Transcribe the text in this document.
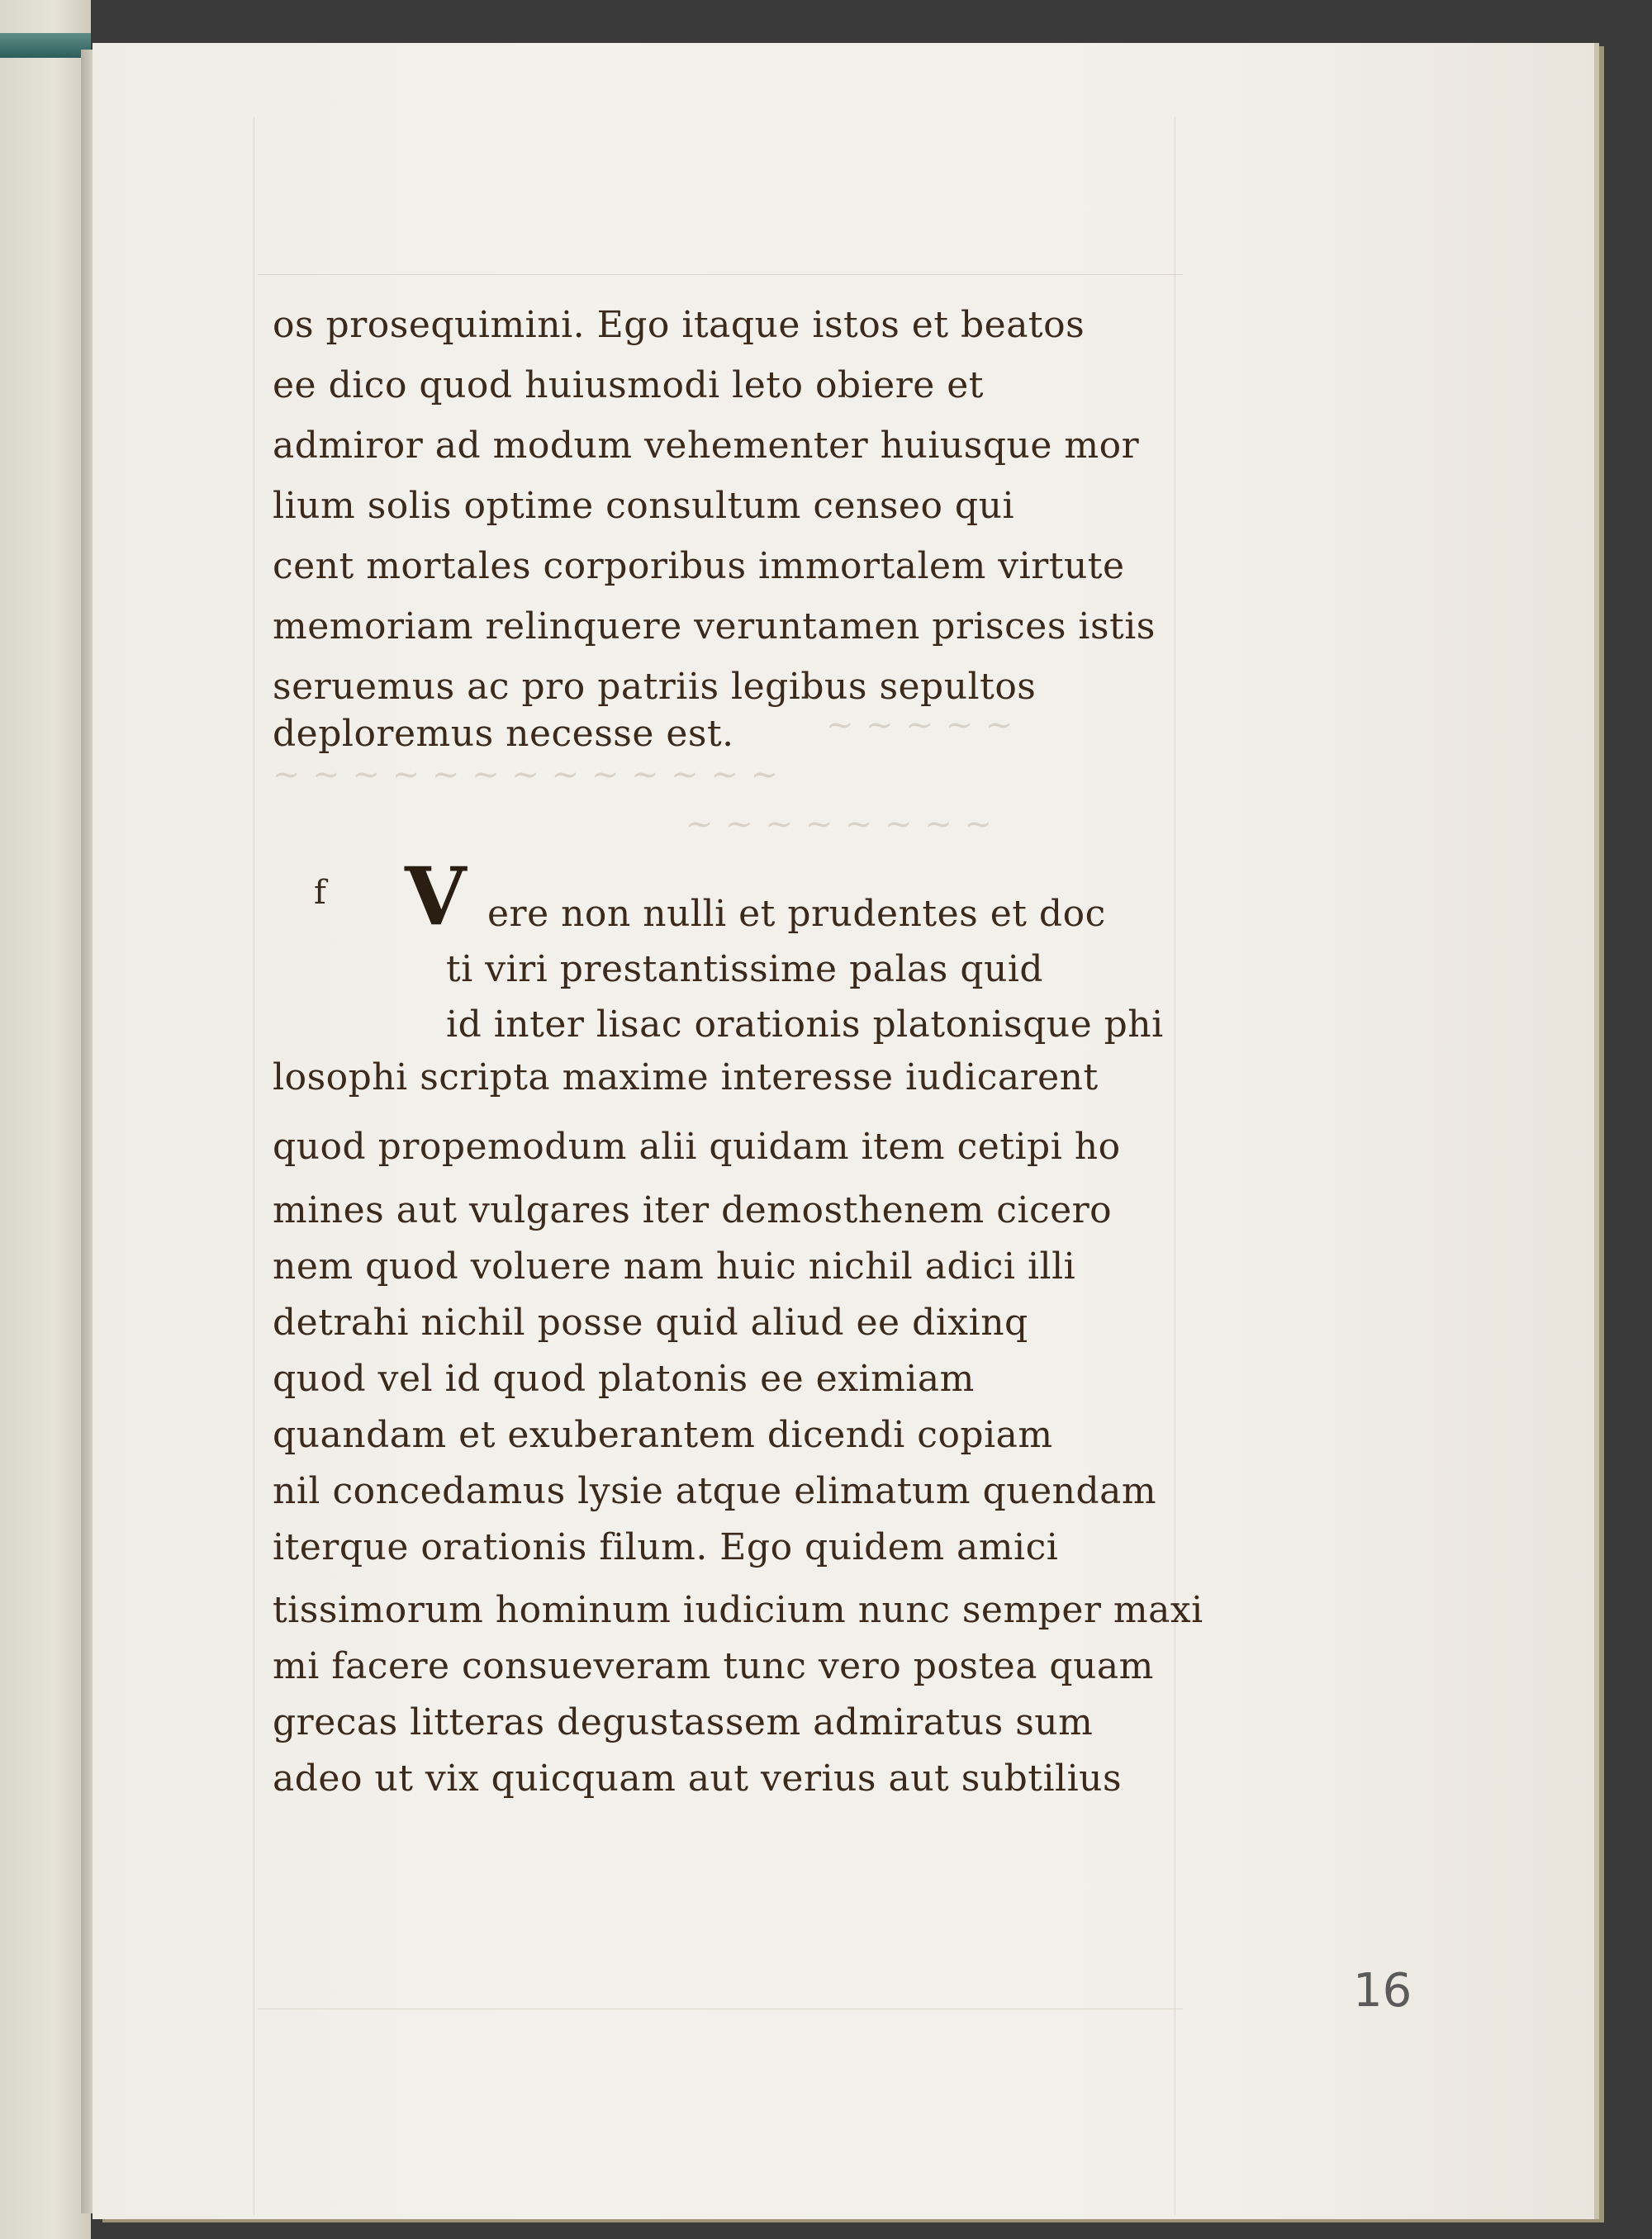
~ ~ ~ ~ ~
~ ~ ~ ~ ~ ~ ~ ~ ~ ~ ~ ~ ~
~ ~ ~ ~ ~ ~ ~ ~
os prosequimini. Ego itaque istos et beatos
ee dico quod huiusmodi leto obiere et
admiror ad modum vehementer huiusque mor
lium solis optime consultum censeo qui
cent mortales corporibus immortalem virtute
memoriam relinquere veruntamen prisces istis
seruemus ac pro patriis legibus sepultos
deploremus necesse est.
f V ere non nulli et prudentes et doc
ti viri prestantissime palas quid
id inter lisac orationis platonisque phi
losophi scripta maxime interesse iudicarent
quod propemodum alii quidam item cetipi ho
mines aut vulgares iter demosthenem cicero
nem quod voluere nam huic nichil adici illi
detrahi nichil posse quid aliud ee dixinq
quod vel id quod platonis ee eximiam
quandam et exuberantem dicendi copiam
nil concedamus lysie atque elimatum quendam
iterque orationis filum. Ego quidem amici
tissimorum hominum iudicium nunc semper maxi
mi facere consueveram tunc vero postea quam
grecas litteras degustassem admiratus sum
adeo ut vix quicquam aut verius aut subtilius
16
